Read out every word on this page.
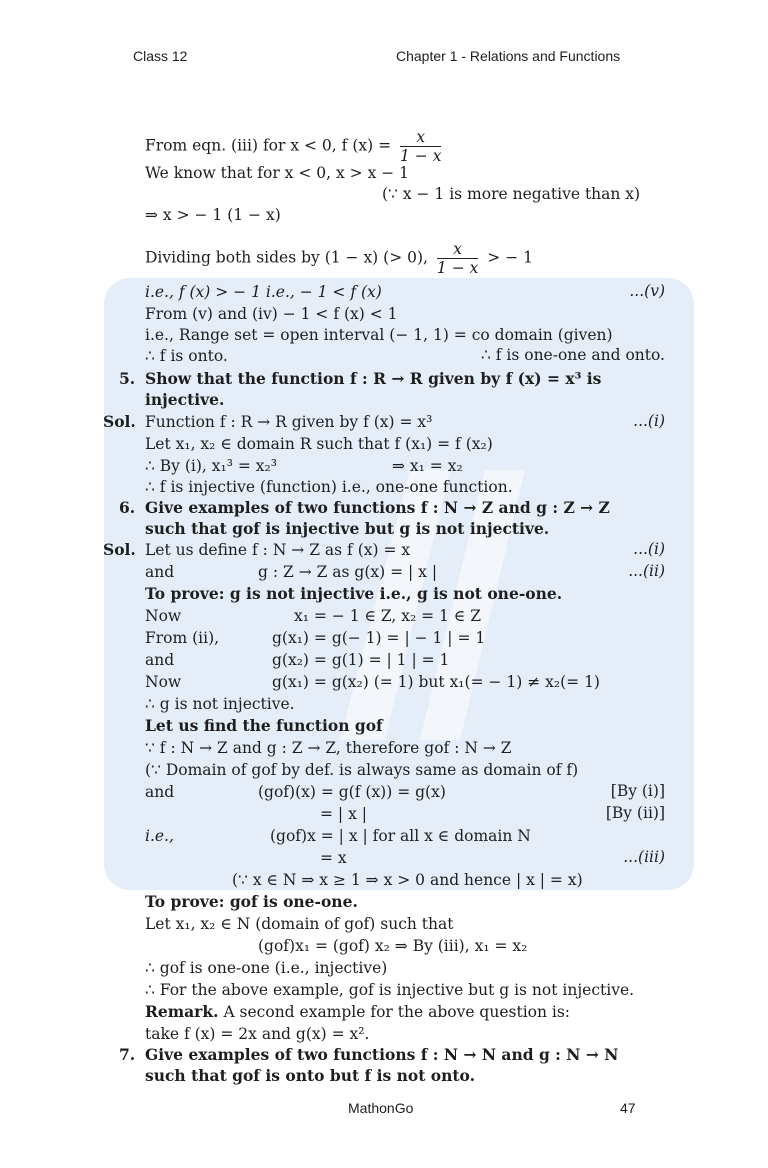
Class 12	Chapter 1 - Relations and Functions
From eqn. (iii) for x < 0, f $(x) = \frac{x}{1 - x}$
We know that for x < 0, x > x − 1
(∵ x − 1 is more negative than x)
⇒ x > − 1 (1 − x)
Dividing both sides by (1 − x) (> 0), $\frac{x}{1 - x}$ > − 1
i.e., f (x) > − 1 i.e., − 1 < f (x)	...(v)
From (v) and (iv) − 1 < f (x) < 1
i.e., Range set = open interval (− 1, 1) = co domain (given)
∴ f is onto.	∴ f is one-one and onto.
5. Show that the function f : R → R given by f (x) = x³ is
injective.
Sol. Function f : R → R given by f (x) = x³	...(i)
Let x₁, x₂ ∈ domain R such that f (x₁) = f (x₂)
∴ By (i), x₁³ = x₂³	⇒ x₁ = x₂
∴ f is injective (function) i.e., one-one function.
6. Give examples of two functions f : N → Z and g : Z → Z
such that gof is injective but g is not injective.
Sol. Let us define f : N → Z as f (x) = x	...(i)
and	g : Z → Z as g(x) = | x |	...(ii)
To prove: g is not injective i.e., g is not one-one.
Now	x₁ = − 1 ∈ Z, x₂ = 1 ∈ Z
From (ii),	g(x₁) = g(− 1) = | − 1 | = 1
and	g(x₂) = g(1) = | 1 | = 1
Now	g(x₁) = g(x₂) (= 1) but x₁(= − 1) ≠ x₂(= 1)
∴ g is not injective.
Let us find the function gof
∵ f : N → Z and g : Z → Z, therefore gof : N → Z
(∵ Domain of gof by def. is always same as domain of f)
and	(gof)(x) = g(f (x)) = g(x)	[By (i)]
= | x |	[By (ii)]
i.e.,	(gof)x = | x | for all x ∈ domain N
= x	...(iii)
(∵ x ∈ N ⇒ x ≥ 1 ⇒ x > 0 and hence | x | = x)
To prove: gof is one-one.
Let x₁, x₂ ∈ N (domain of gof) such that
(gof)x₁ = (gof) x₂ ⇒ By (iii), x₁ = x₂
∴ gof is one-one (i.e., injective)
∴ For the above example, gof is injective but g is not injective.
Remark. A second example for the above question is:
take f (x) = 2x and g(x) = x².
7. Give examples of two functions f : N → N and g : N → N
such that gof is onto but f is not onto.
MathonGo	47
